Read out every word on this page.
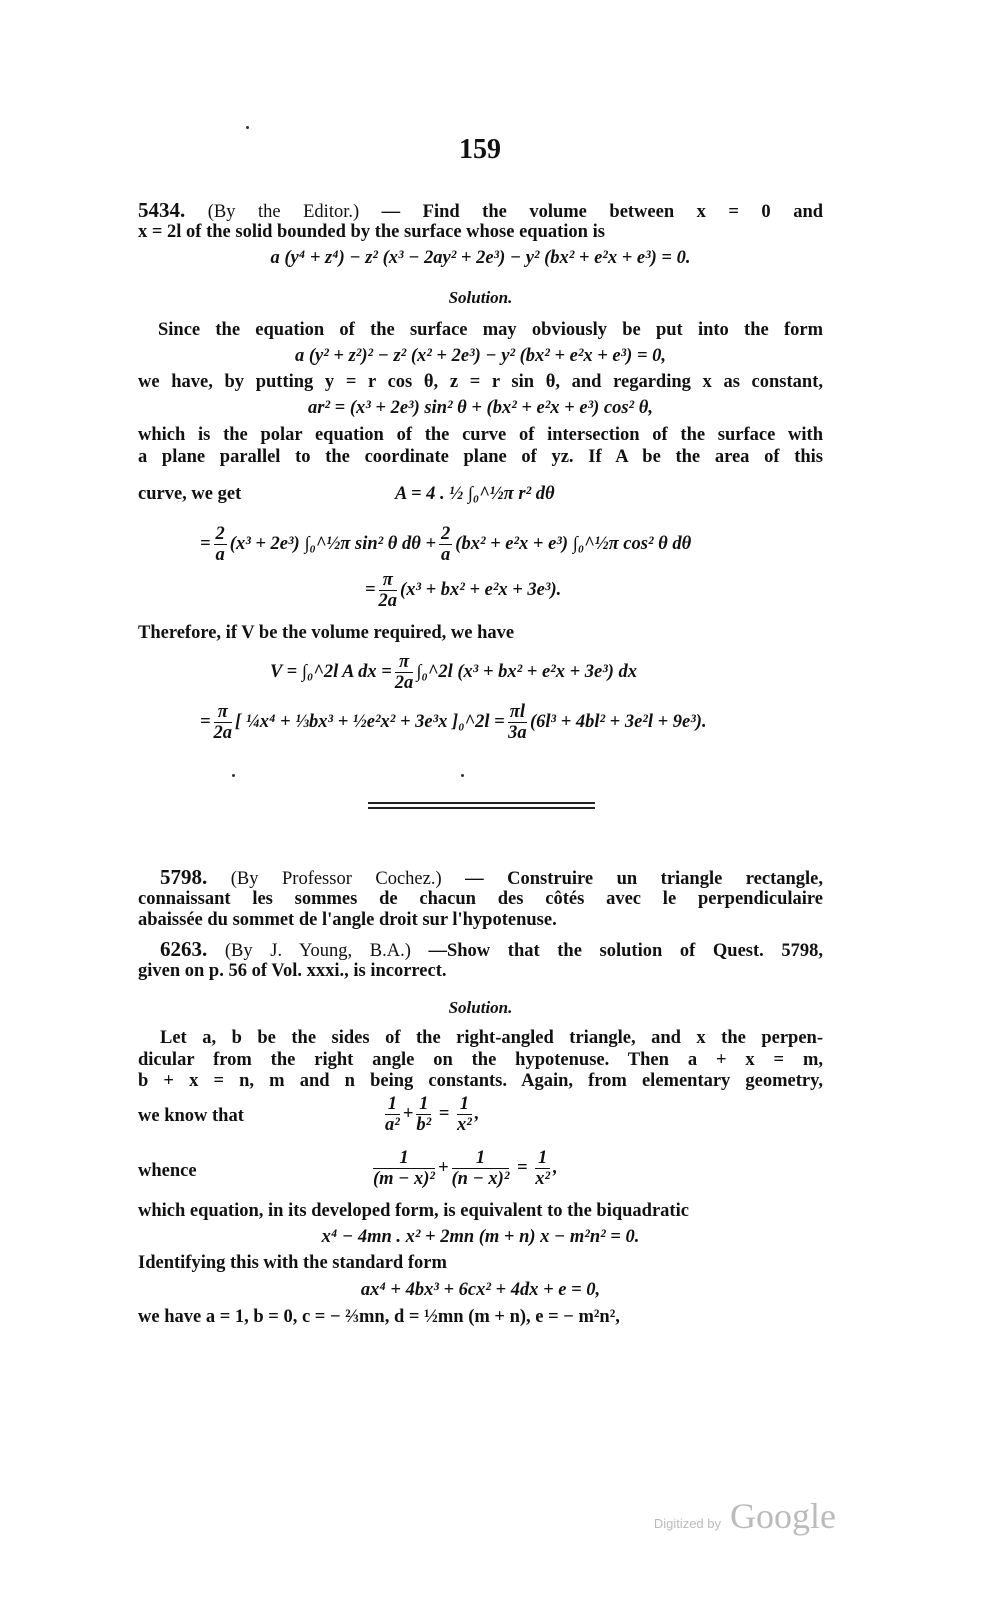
159
5434. (By the Editor.) — Find the volume between x = 0 and
x = 2l of the solid bounded by the surface whose equation is
a (y⁴ + z⁴) − z² (x³ − 2ay² + 2e³) − y² (bx² + e²x + e³) = 0.
Solution.
Since the equation of the surface may obviously be put into the form
a (y² + z²)² − z² (x² + 2e³) − y² (bx² + e²x + e³) = 0,
we have, by putting y = r cos θ, z = r sin θ, and regarding x as constant,
ar² = (x³ + 2e³) sin² θ + (bx² + e²x + e³) cos² θ,
which is the polar equation of the curve of intersection of the surface with
a plane parallel to the coordinate plane of yz. If A be the area of this
curve, we get	A = 4 . ½ ∫₀^½π r² dθ
= $\frac{2}{a} (x^3 + 2e^3)$ ∫₀^½π sin² θ $d\theta + \frac{2}{a} (bx^2 + e^2x + e^3)$ ∫₀^½π cos² θ dθ
= $\frac{\pi}{2a} (x^3 + bx^2 + e^2x + 3e^3)$.
Therefore, if V be the volume required, we have
V = ∫₀^2l A dx = $\frac{\pi}{2a}$ ∫₀^2l (x³ + bx² + e²x + 3e³) dx
= $\frac{\pi}{2a}$ [ ¼x⁴ + ⅓bx³ + ½e²x² + 3e³x ]₀^2l = $\frac{\pi l}{3a} (6l^3 + 4bl^2 + 3e^2l + 9e^3)$.
5798. (By Professor Cochez.) — Construire un triangle rectangle,
connaissant les sommes de chacun des côtés avec le perpendiculaire
abaissée du sommet de l'angle droit sur l'hypotenuse.
6263. (By J. Young, B.A.) —Show that the solution of Quest. 5798,
given on p. 56 of Vol. xxxi., is incorrect.
Solution.
Let a, b be the sides of the right-angled triangle, and x the perpen-
dicular from the right angle on the hypotenuse. Then a + x = m,
b + x = n, m and n being constants. Again, from elementary geometry,
we know that	$\frac{1}{\text{a²}} + \frac{1}{\text{b²}} = \frac{1}{\text{x²}}$ ,
whence	$\frac{1}{\text{(m − x)²}} + \frac{1}{\text{(n − x)²}} = \frac{1}{\text{x²}}$ ,
which equation, in its developed form, is equivalent to the biquadratic
x⁴ − 4mn . x² + 2mn (m + n) x − m²n² = 0.
Identifying this with the standard form
ax⁴ + 4bx³ + 6cx² + 4dx + e = 0,
we have a = 1, b = 0, c = − ⅔mn, d = ½mn (m + n), e = − m²n²,
Digitized by Google
